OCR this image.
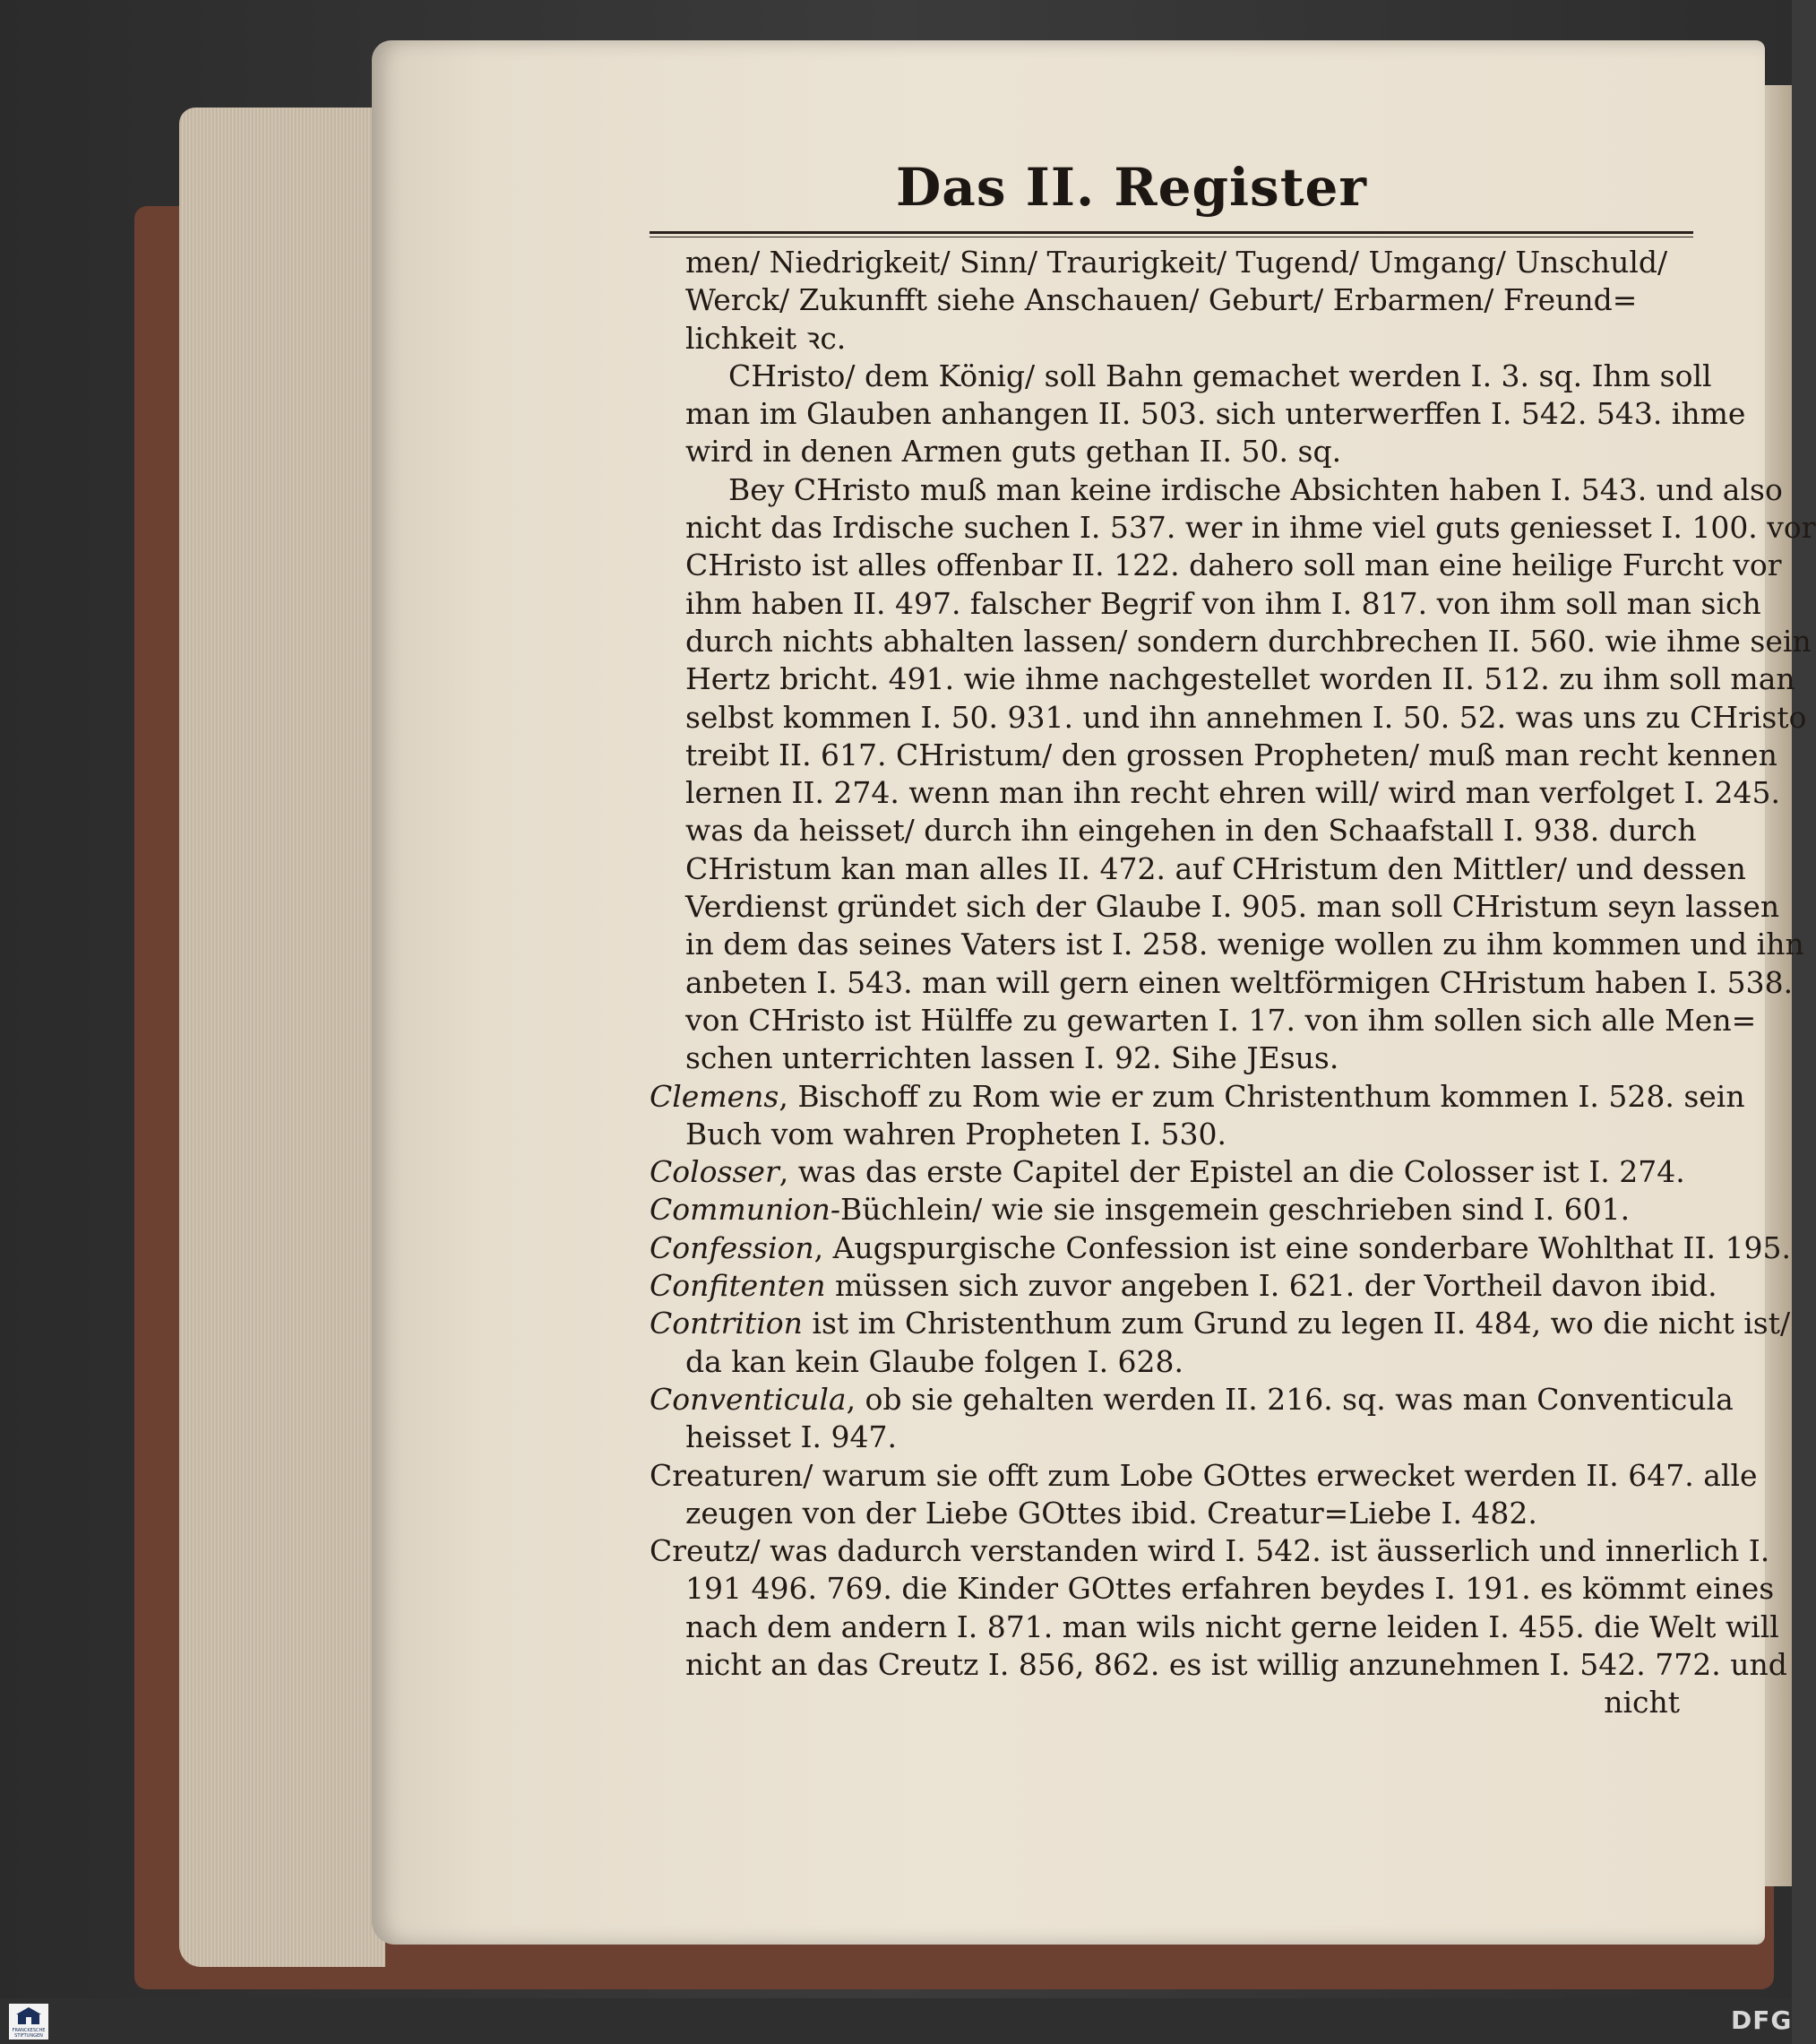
Das II. Register
men/ Niedrigkeit/ Sinn/ Traurigkeit/ Tugend/ Umgang/ Unschuld/
Werck/ Zukunfft siehe Anschauen/ Geburt/ Erbarmen/ Freund=
lichkeit ꝛc.
CHristo/ dem König/ soll Bahn gemachet werden I. 3. sq. Ihm soll
man im Glauben anhangen II. 503. sich unterwerffen I. 542. 543. ihme
wird in denen Armen guts gethan II. 50. sq.
Bey CHristo muß man keine irdische Absichten haben I. 543. und also
nicht das Irdische suchen I. 537. wer in ihme viel guts geniesset I. 100. vor
CHristo ist alles offenbar II. 122. dahero soll man eine heilige Furcht vor
ihm haben II. 497. falscher Begrif von ihm I. 817. von ihm soll man sich
durch nichts abhalten lassen/ sondern durchbrechen II. 560. wie ihme sein
Hertz bricht. 491. wie ihme nachgestellet worden II. 512. zu ihm soll man
selbst kommen I. 50. 931. und ihn annehmen I. 50. 52. was uns zu CHristo
treibt II. 617. CHristum/ den grossen Propheten/ muß man recht kennen
lernen II. 274. wenn man ihn recht ehren will/ wird man verfolget I. 245.
was da heisset/ durch ihn eingehen in den Schaafstall I. 938. durch
CHristum kan man alles II. 472. auf CHristum den Mittler/ und dessen
Verdienst gründet sich der Glaube I. 905. man soll CHristum seyn lassen
in dem das seines Vaters ist I. 258. wenige wollen zu ihm kommen und ihn
anbeten I. 543. man will gern einen weltförmigen CHristum haben I. 538.
von CHristo ist Hülffe zu gewarten I. 17. von ihm sollen sich alle Men=
schen unterrichten lassen I. 92. Sihe JEsus.
Clemens, Bischoff zu Rom wie er zum Christenthum kommen I. 528. sein
Buch vom wahren Propheten I. 530.
Colosser, was das erste Capitel der Epistel an die Colosser ist I. 274.
Communion-Büchlein/ wie sie insgemein geschrieben sind I. 601.
Confession, Augspurgische Confession ist eine sonderbare Wohlthat II. 195.
Confitenten müssen sich zuvor angeben I. 621. der Vortheil davon ibid.
Contrition ist im Christenthum zum Grund zu legen II. 484, wo die nicht ist/
da kan kein Glaube folgen I. 628.
Conventicula, ob sie gehalten werden II. 216. sq. was man Conventicula
heisset I. 947.
Creaturen/ warum sie offt zum Lobe GOttes erwecket werden II. 647. alle
zeugen von der Liebe GOttes ibid. Creatur=Liebe I. 482.
Creutz/ was dadurch verstanden wird I. 542. ist äusserlich und innerlich I.
191 496. 769. die Kinder GOttes erfahren beydes I. 191. es kömmt eines
nach dem andern I. 871. man wils nicht gerne leiden I. 455. die Welt will
nicht an das Creutz I. 856, 862. es ist willig anzunehmen I. 542. 772. und
nicht
FRANCKESCHE STIFTUNGEN
DFG
